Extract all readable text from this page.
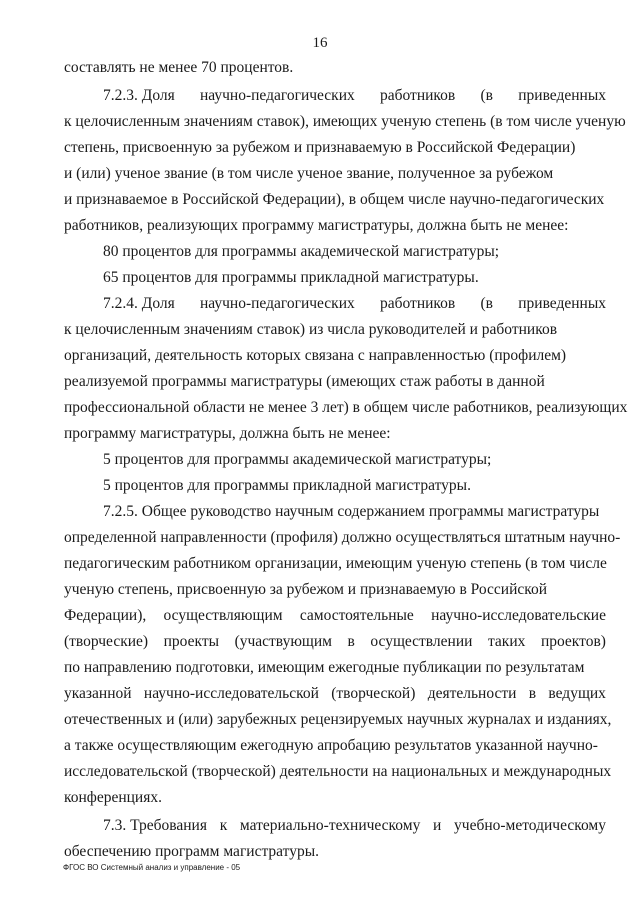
16
составлять не менее 70 процентов.
7.2.3. Доля научно-педагогических работников (в приведенных
к целочисленным значениям ставок), имеющих ученую степень (в том числе ученую
степень, присвоенную за рубежом и признаваемую в Российской Федерации)
и (или) ученое звание (в том числе ученое звание, полученное за рубежом
и признаваемое в Российской Федерации), в общем числе научно-педагогических
работников, реализующих программу магистратуры, должна быть не менее:
80 процентов для программы академической магистратуры;
65 процентов для программы прикладной магистратуры.
7.2.4. Доля научно-педагогических работников (в приведенных
к целочисленным значениям ставок) из числа руководителей и работников
организаций, деятельность которых связана с направленностью (профилем)
реализуемой программы магистратуры (имеющих стаж работы в данной
профессиональной области не менее 3 лет) в общем числе работников, реализующих
программу магистратуры, должна быть не менее:
5 процентов для программы академической магистратуры;
5 процентов для программы прикладной магистратуры.
7.2.5. Общее руководство научным содержанием программы магистратуры
определенной направленности (профиля) должно осуществляться штатным научно-
педагогическим работником организации, имеющим ученую степень (в том числе
ученую степень, присвоенную за рубежом и признаваемую в Российской
Федерации), осуществляющим самостоятельные научно-исследовательские
(творческие) проекты (участвующим в осуществлении таких проектов)
по направлению подготовки, имеющим ежегодные публикации по результатам
указанной научно-исследовательской (творческой) деятельности в ведущих
отечественных и (или) зарубежных рецензируемых научных журналах и изданиях,
а также осуществляющим ежегодную апробацию результатов указанной научно-
исследовательской (творческой) деятельности на национальных и международных
конференциях.
7.3. Требования к материально-техническому и учебно-методическому
обеспечению программ магистратуры.
ФГОС ВО Системный анализ и управление - 05
